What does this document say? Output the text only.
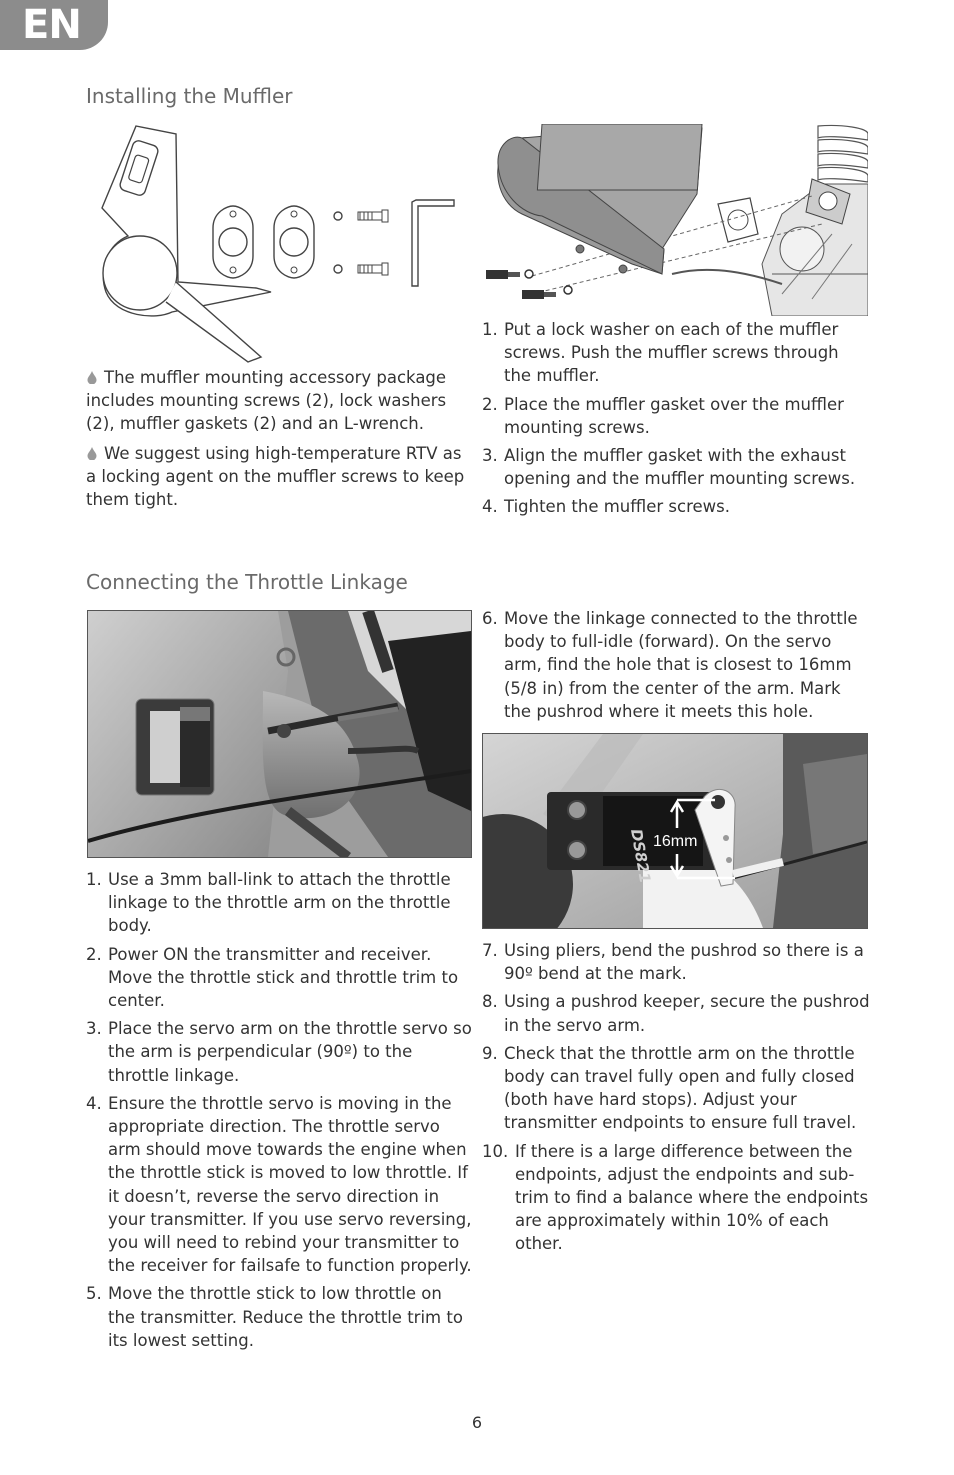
EN
Installing the Muffler

The muffler mounting accessory package includes mounting screws (2), lock washers (2), muffler gaskets (2) and an L-wrench.

We suggest using high-temperature RTV as a locking agent on the muffler screws to keep them tight.

1. Put a lock washer on each of the muffler screws. Push the muffler screws through the muffler.
2. Place the muffler gasket over the muffler mounting screws.
3. Align the muffler gasket with the exhaust opening and the muffler mounting screws.
4. Tighten the muffler screws.
Connecting the Throttle Linkage
1. Use a 3mm ball-link to attach the throttle linkage to the throttle arm on the throttle body.
2. Power ON the transmitter and receiver. Move the throttle stick and throttle trim to center.
3. Place the servo arm on the throttle servo so the arm is perpendicular (90º) to the throttle linkage.
4. Ensure the throttle servo is moving in the appropriate direction. The throttle servo arm should move towards the engine when the throttle stick is moved to low throttle. If it doesn’t, reverse the servo direction in your transmitter. If you use servo reversing, you will need to rebind your transmitter to the receiver for failsafe to function properly.
5. Move the throttle stick to low throttle on the transmitter. Reduce the throttle trim to its lowest setting.
6. Move the linkage connected to the throttle body to full-idle (forward). On the servo arm, find the hole that is closest to 16mm (5/8 in) from the center of the arm. Mark the pushrod where it meets this hole.
DS821
16mm
7. Using pliers, bend the pushrod so there is a 90º bend at the mark.
8. Using a pushrod keeper, secure the pushrod in the servo arm.
9. Check that the throttle arm on the throttle body can travel fully open and fully closed (both have hard stops). Adjust your transmitter endpoints to ensure full travel.
10. If there is a large difference between the endpoints, adjust the endpoints and sub-trim to find a balance where the endpoints are approximately within 10% of each other.
6
